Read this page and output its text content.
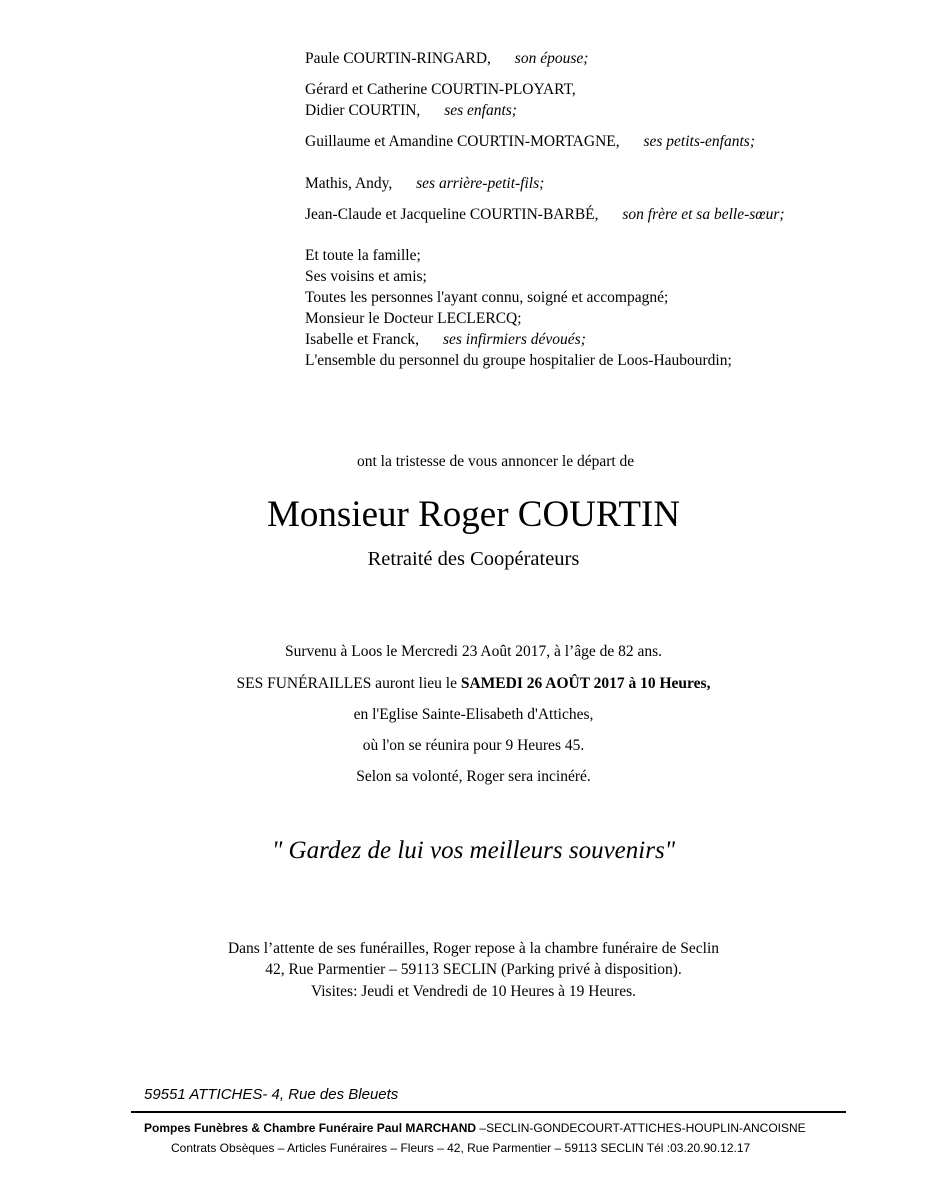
Paule COURTIN-RINGARD, son épouse;
Gérard et Catherine COURTIN-PLOYART,
Didier COURTIN, ses enfants;
Guillaume et Amandine COURTIN-MORTAGNE, ses petits-enfants;
Mathis, Andy, ses arrière-petit-fils;
Jean-Claude et Jacqueline COURTIN-BARBÉ, son frère et sa belle-sœur;
Et toute la famille;
Ses voisins et amis;
Toutes les personnes l'ayant connu, soigné et accompagné;
Monsieur le Docteur LECLERCQ;
Isabelle et Franck, ses infirmiers dévoués;
L'ensemble du personnel du groupe hospitalier de Loos-Haubourdin;
ont la tristesse de vous annoncer le départ de
Monsieur Roger COURTIN
Retraité des Coopérateurs
Survenu à Loos le Mercredi 23 Août 2017, à l’âge de 82 ans.
SES FUNÉRAILLES auront lieu le SAMEDI 26 AOÛT 2017 à 10 Heures,
en l'Eglise Sainte-Elisabeth d'Attiches,
où l'on se réunira pour 9 Heures 45.
Selon sa volonté, Roger sera incinéré.
" Gardez de lui vos meilleurs souvenirs"
Dans l’attente de ses funérailles, Roger repose à la chambre funéraire de Seclin
42, Rue Parmentier – 59113 SECLIN (Parking privé à disposition).
Visites: Jeudi et Vendredi de 10 Heures à 19 Heures.
59551 ATTICHES- 4, Rue des Bleuets
Pompes Funèbres & Chambre Funéraire Paul MARCHAND –SECLIN-GONDECOURT-ATTICHES-HOUPLIN-ANCOISNE
Contrats Obsèques – Articles Funéraires – Fleurs – 42, Rue Parmentier – 59113 SECLIN Tél :03.20.90.12.17
